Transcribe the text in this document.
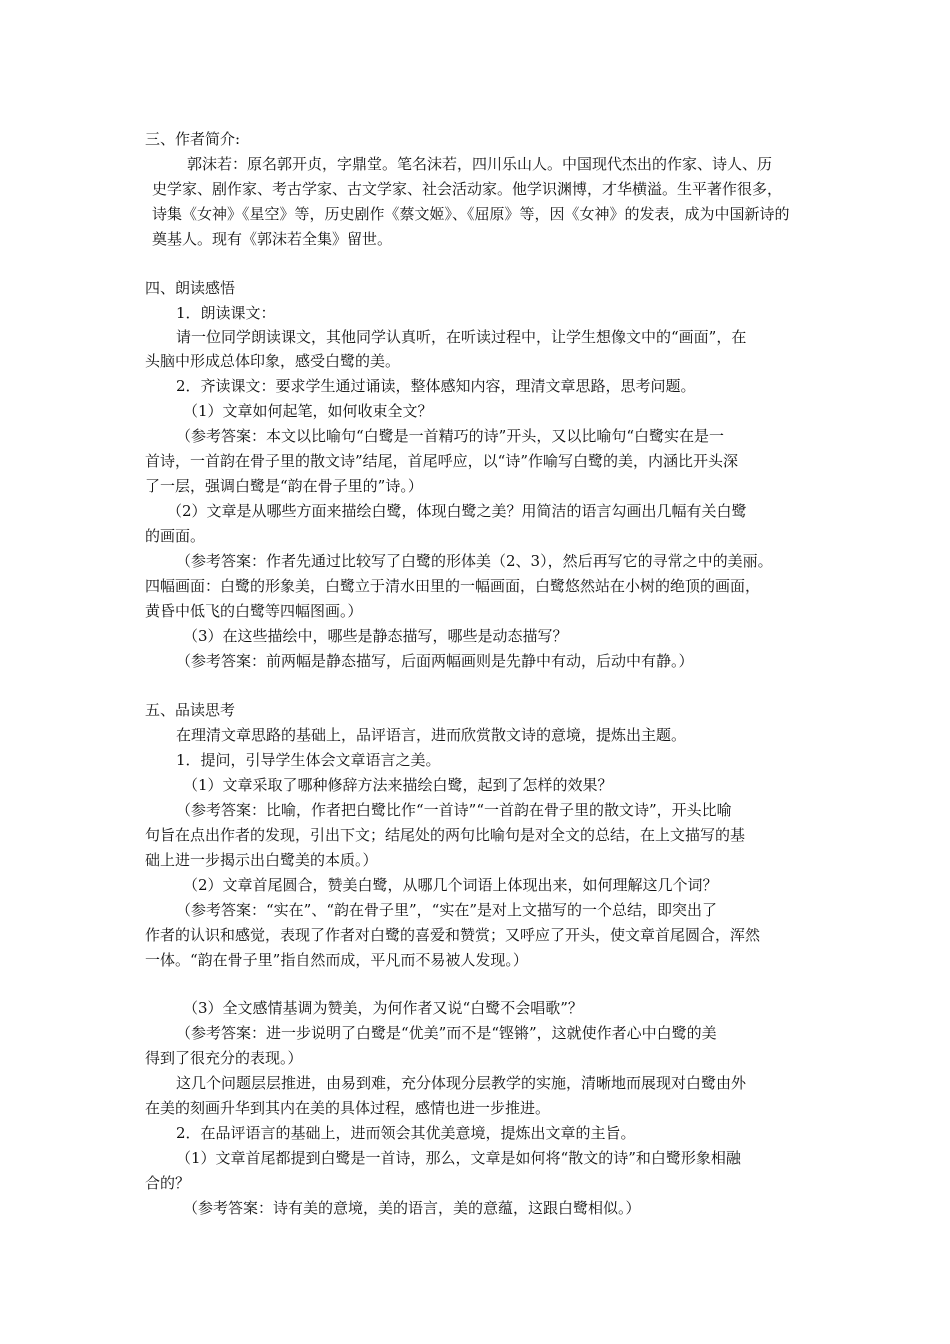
三、作者简介:

郭沫若：原名郭开贞，字鼎堂。笔名沫若，四川乐山人。中国现代杰出的作家、诗人、历

史学家、剧作家、考古学家、古文学家、社会活动家。他学识渊博，才华横溢。生平著作很多，

诗集《女神》《星空》等，历史剧作《蔡文姬》、《屈原》等，因《女神》的发表，成为中国新诗的

奠基人。现有《郭沫若全集》留世。

四、朗读感悟

1．朗读课文：

请一位同学朗读课文，其他同学认真听，在听读过程中，让学生想像文中的“画面”，在

头脑中形成总体印象，感受白鹭的美。

2．齐读课文：要求学生通过诵读，整体感知内容，理清文章思路，思考问题。

（1）文章如何起笔，如何收束全文？

（参考答案：本文以比喻句“白鹭是一首精巧的诗”开头，又以比喻句“白鹭实在是一

首诗，一首韵在骨子里的散文诗”结尾，首尾呼应，以“诗”作喻写白鹭的美，内涵比开头深

了一层，强调白鹭是“韵在骨子里的”诗。）

（2）文章是从哪些方面来描绘白鹭，体现白鹭之美？用简洁的语言勾画出几幅有关白鹭

的画面。

（参考答案：作者先通过比较写了白鹭的形体美（2、3），然后再写它的寻常之中的美丽。

四幅画面：白鹭的形象美，白鹭立于清水田里的一幅画面，白鹭悠然站在小树的绝顶的画面，

黄昏中低飞的白鹭等四幅图画。）

（3）在这些描绘中，哪些是静态描写，哪些是动态描写？

（参考答案：前两幅是静态描写，后面两幅画则是先静中有动，后动中有静。）

五、品读思考

在理清文章思路的基础上，品评语言，进而欣赏散文诗的意境，提炼出主题。

1．提问，引导学生体会文章语言之美。

（1）文章采取了哪种修辞方法来描绘白鹭，起到了怎样的效果？

（参考答案：比喻，作者把白鹭比作“一首诗”“一首韵在骨子里的散文诗”，开头比喻

句旨在点出作者的发现，引出下文；结尾处的两句比喻句是对全文的总结，在上文描写的基

础上进一步揭示出白鹭美的本质。）

（2）文章首尾圆合，赞美白鹭，从哪几个词语上体现出来，如何理解这几个词？

（参考答案：“实在”、“韵在骨子里”，“实在”是对上文描写的一个总结，即突出了

作者的认识和感觉，表现了作者对白鹭的喜爱和赞赏；又呼应了开头，使文章首尾圆合，浑然

一体。“韵在骨子里”指自然而成，平凡而不易被人发现。）

（3）全文感情基调为赞美，为何作者又说“白鹭不会唱歌”？

（参考答案：进一步说明了白鹭是“优美”而不是“铿锵”，这就使作者心中白鹭的美

得到了很充分的表现。）

这几个问题层层推进，由易到难，充分体现分层教学的实施，清晰地而展现对白鹭由外

在美的刻画升华到其内在美的具体过程，感情也进一步推进。

2．在品评语言的基础上，进而领会其优美意境，提炼出文章的主旨。

（1）文章首尾都提到白鹭是一首诗，那么，文章是如何将“散文的诗”和白鹭形象相融

合的？

（参考答案：诗有美的意境，美的语言，美的意蕴，这跟白鹭相似。）
